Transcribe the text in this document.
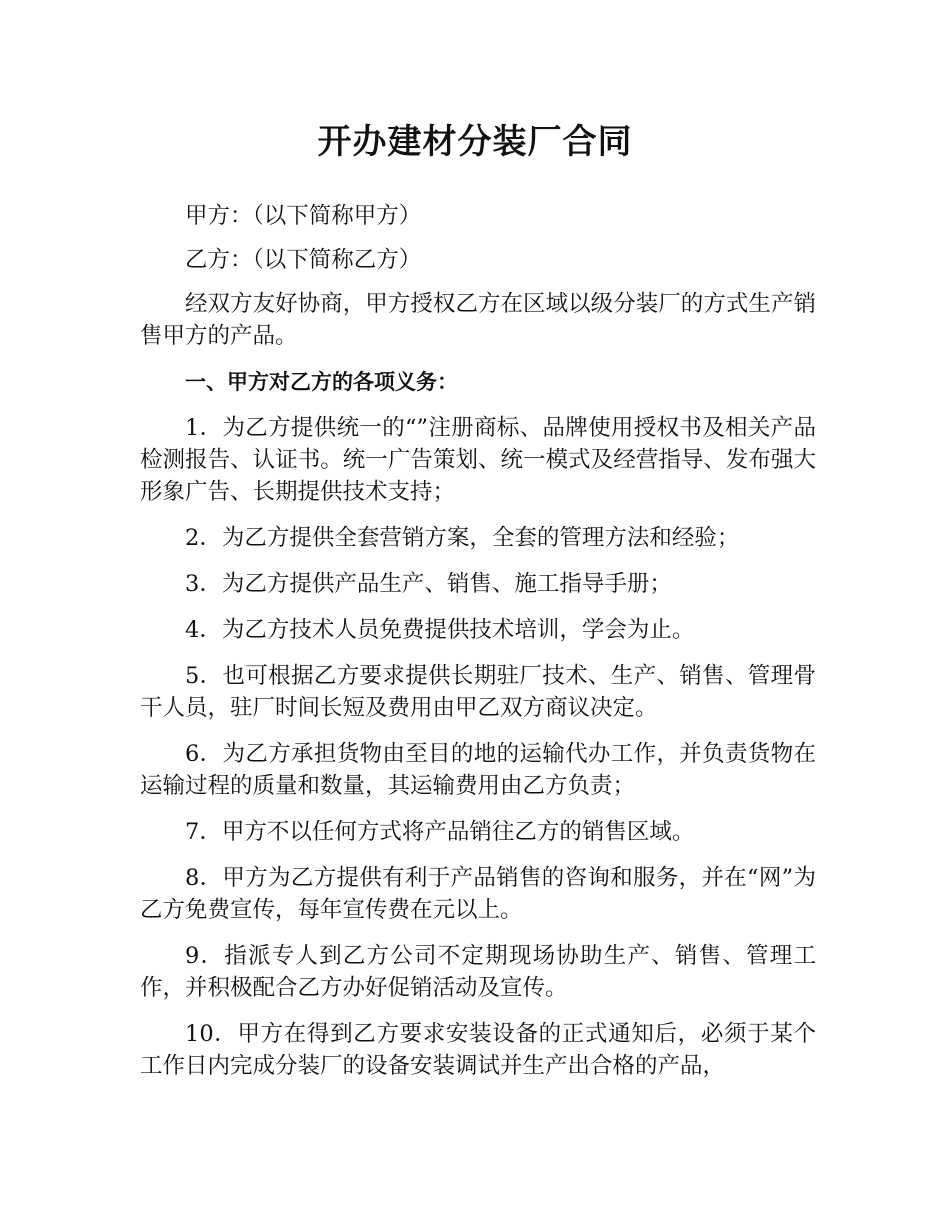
开办建材分装厂合同

甲方：（以下简称甲方）

乙方：（以下简称乙方）

经双方友好协商，甲方授权乙方在区域以级分装厂的方式生产销售甲方的产品。

一、甲方对乙方的各项义务：

1．为乙方提供统一的“”注册商标、品牌使用授权书及相关产品检测报告、认证书。统一广告策划、统一模式及经营指导、发布强大形象广告、长期提供技术支持；

2．为乙方提供全套营销方案，全套的管理方法和经验；

3．为乙方提供产品生产、销售、施工指导手册；

4．为乙方技术人员免费提供技术培训，学会为止。

5．也可根据乙方要求提供长期驻厂技术、生产、销售、管理骨干人员，驻厂时间长短及费用由甲乙双方商议决定。

6．为乙方承担货物由至目的地的运输代办工作，并负责货物在运输过程的质量和数量，其运输费用由乙方负责；

7．甲方不以任何方式将产品销往乙方的销售区域。

8．甲方为乙方提供有利于产品销售的咨询和服务，并在“网”为乙方免费宣传，每年宣传费在元以上。

9．指派专人到乙方公司不定期现场协助生产、销售、管理工作，并积极配合乙方办好促销活动及宣传。

10．甲方在得到乙方要求安装设备的正式通知后，必须于某个工作日内完成分装厂的设备安装调试并生产出合格的产品，
